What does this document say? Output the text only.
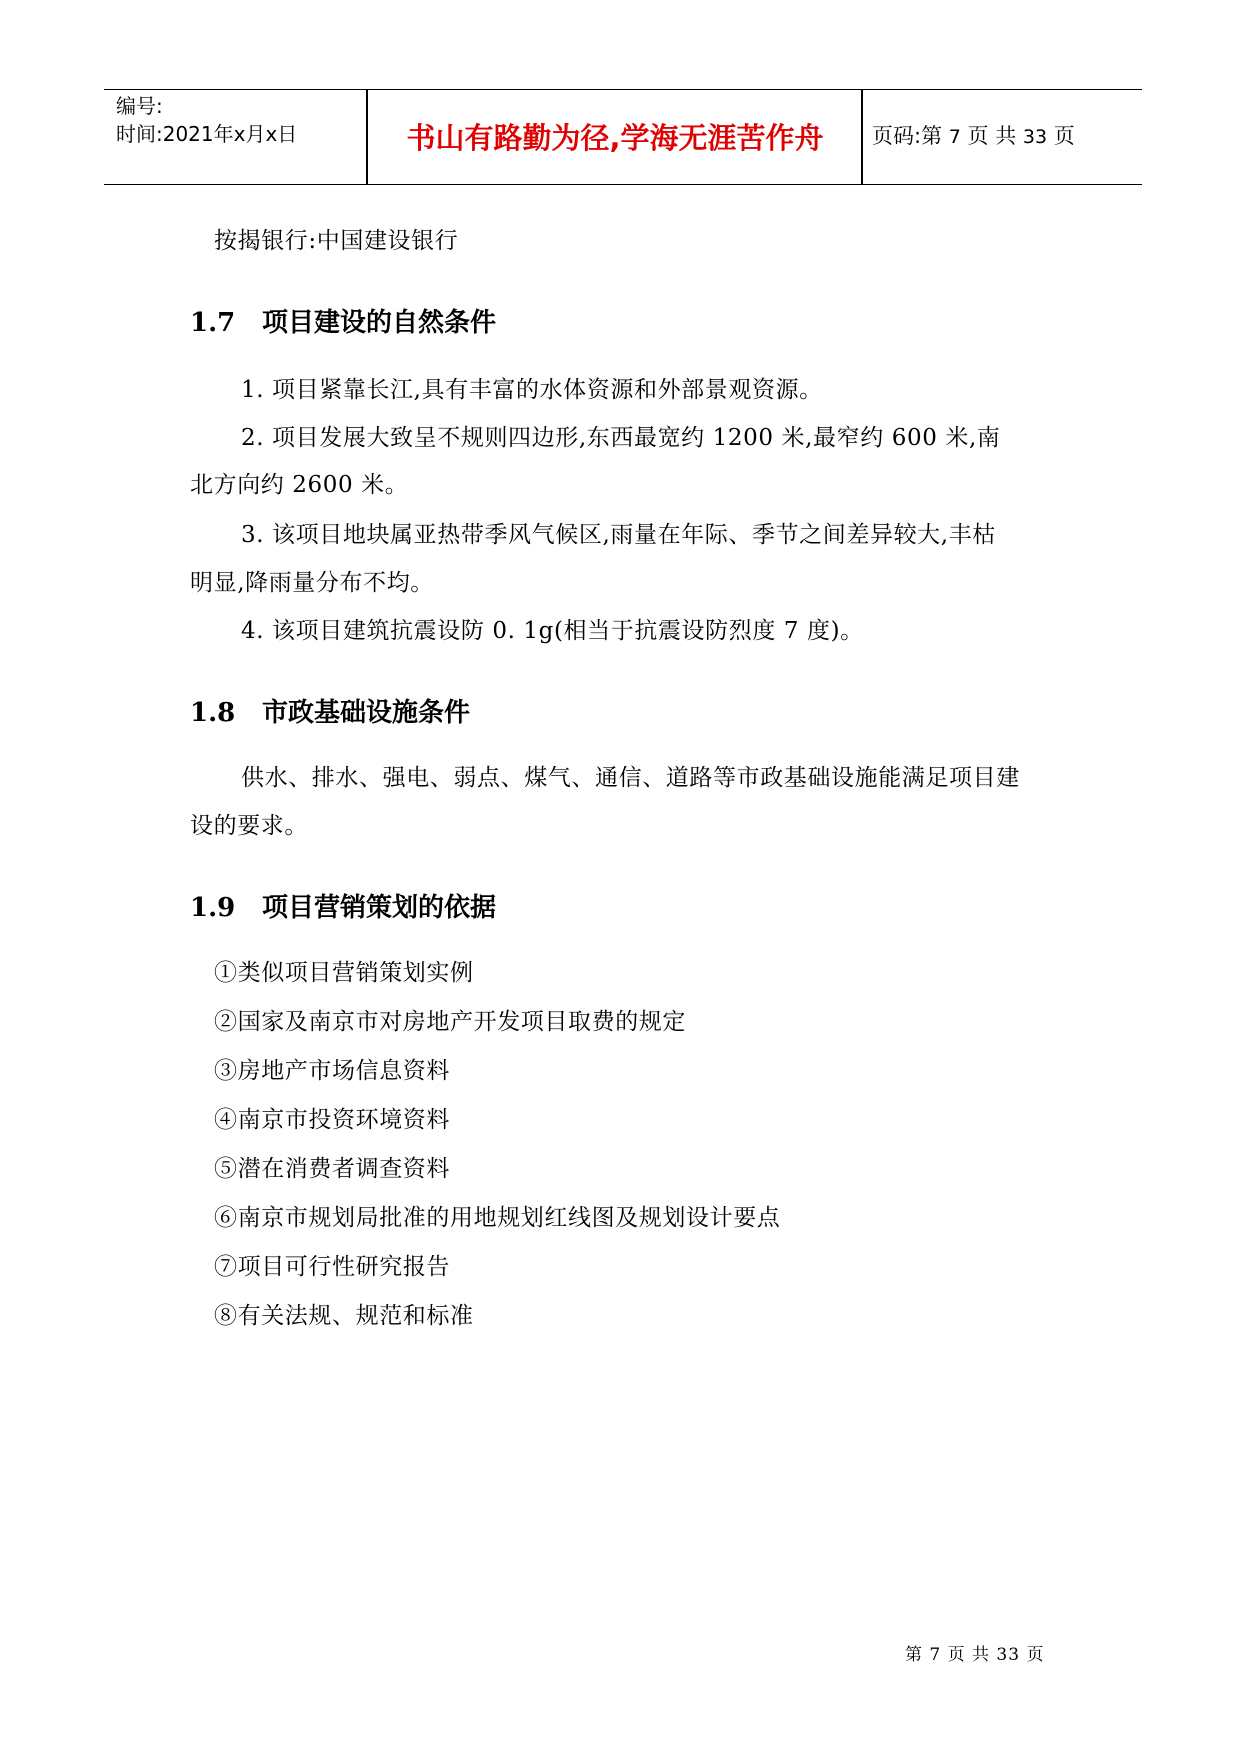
编号:
时间:2021年x月x日	书山有路勤为径,学海无涯苦作舟	页码:第 7 页 共 33 页
按揭银行:中国建设银行
1.7 项目建设的自然条件
1. 项目紧靠长江,具有丰富的水体资源和外部景观资源。
2. 项目发展大致呈不规则四边形,东西最宽约 1200 米,最窄约 600 米,南
北方向约 2600 米。
3. 该项目地块属亚热带季风气候区,雨量在年际、季节之间差异较大,丰枯
明显,降雨量分布不均。
4. 该项目建筑抗震设防 0. 1g(相当于抗震设防烈度 7 度)。
1.8 市政基础设施条件
供水、排水、强电、弱点、煤气、通信、道路等市政基础设施能满足项目建
设的要求。
1.9 项目营销策划的依据
①类似项目营销策划实例
②国家及南京市对房地产开发项目取费的规定
③房地产市场信息资料
④南京市投资环境资料
⑤潜在消费者调查资料
⑥南京市规划局批准的用地规划红线图及规划设计要点
⑦项目可行性研究报告
⑧有关法规、规范和标准
第 7 页 共 33 页
